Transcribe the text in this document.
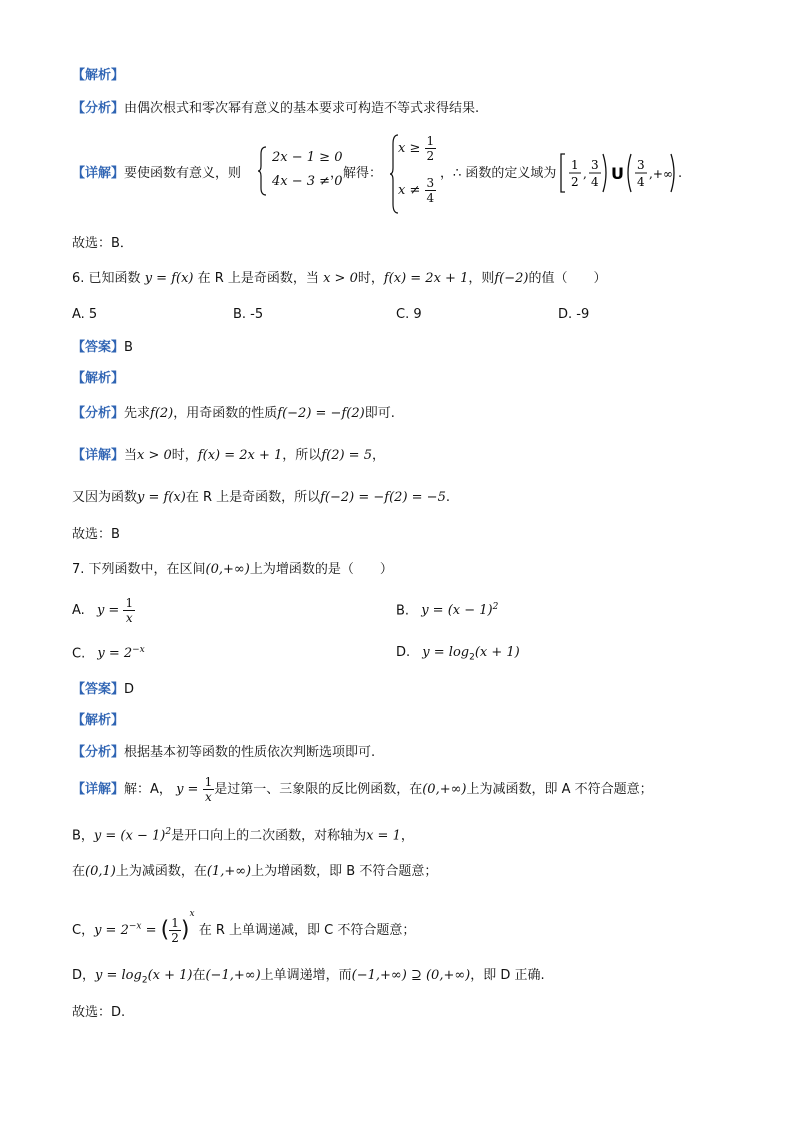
【解析】
【分析】由偶次根式和零次幂有意义的基本要求可构造不等式求得结果.
【详解】要使函数有意义，则
2x − 1 ≥ 0
4x − 3 ≠ 0
，解得：
$x \ge \frac{1}{2}$
$x \ne \frac{3}{4}$
，∴ 函数的定义域为
1
2
,
3
4 U 3
4
,+∞ .
故选：B．
6. 已知函数 y = f(x) 在 R 上是奇函数，当 x > 0时，f(x) = 2x + 1，则f(−2)的值（　　）
A. 5	B. -5	C. 9	D. -9
【答案】B
【解析】
【分析】先求f(2)，用奇函数的性质f(−2) = −f(2)即可.
【详解】当x > 0时，f(x) = 2x + 1，所以f(2) = 5，
又因为函数y = f(x)在 R 上是奇函数，所以f(−2) = −f(2) = −5.
故选：B
7. 下列函数中，在区间(0,+∞)上为增函数的是（　　）
A. $y = \frac{1}{x}$	B. $y = (x - 1)^2$
C. $y = 2^{-x}$	D. $y = \log_2(x + 1)$
【答案】D
【解析】
【分析】根据基本初等函数的性质依次判断选项即可.
【详解】解：A， $y = \frac{1}{x}$ 是过第一、三象限的反比例函数，在(0,+∞)上为减函数，即 A 不符合题意；
B，$y = (x - 1)^2$是开口向上的二次函数，对称轴为x = 1，
在(0,1)上为减函数，在(1,+∞)上为增函数，即 B 不符合题意；
C，$y = 2^{-x}$ = ( $\frac{1}{2} )^x$ 在 R 上单调递减，即 C 不符合题意；
D，$y = \log_2(x + 1)$在(−1,+∞)上单调递增，而(−1,+∞) ⊇ (0,+∞)，即 D 正确.
故选：D.
